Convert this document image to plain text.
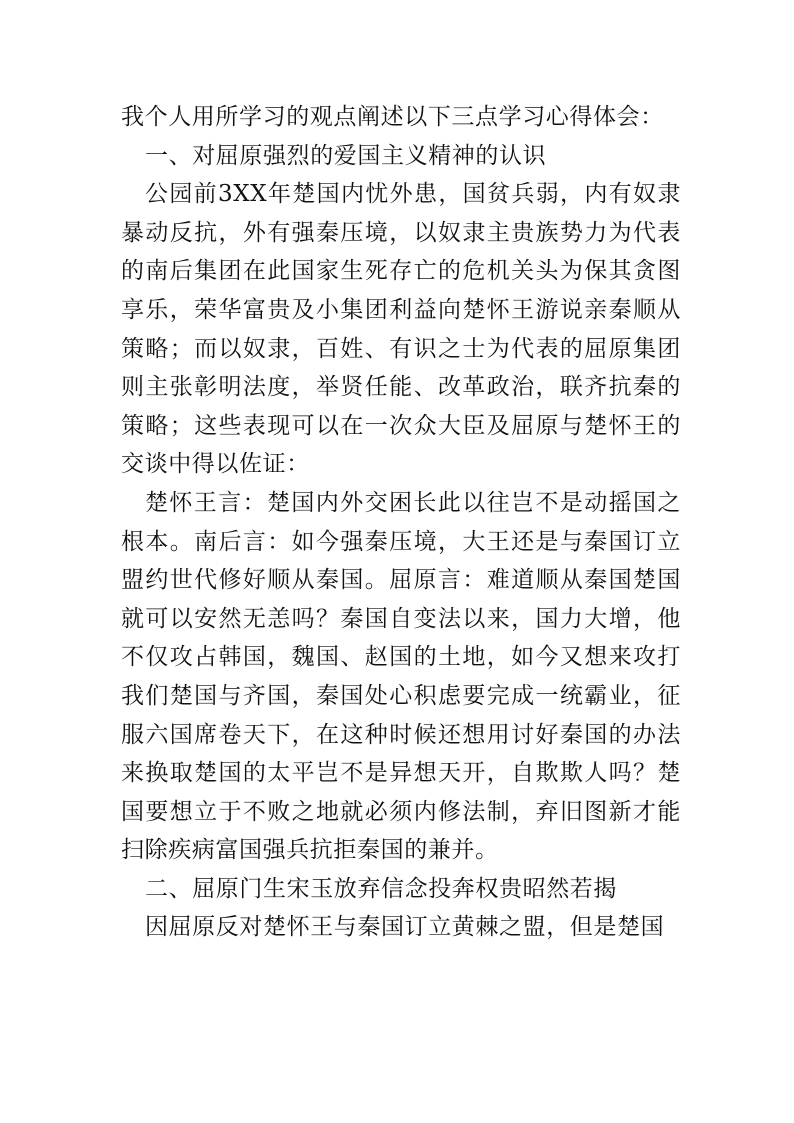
我个人用所学习的观点阐述以下三点学习心得体会：

一、对屈原强烈的爱国主义精神的认识

公园前3XX年楚国内忧外患，国贫兵弱，内有奴隶暴动反抗，外有强秦压境，以奴隶主贵族势力为代表的南后集团在此国家生死存亡的危机关头为保其贪图享乐，荣华富贵及小集团利益向楚怀王游说亲秦顺从策略；而以奴隶，百姓、有识之士为代表的屈原集团则主张彰明法度，举贤任能、改革政治，联齐抗秦的策略；这些表现可以在一次众大臣及屈原与楚怀王的交谈中得以佐证：

楚怀王言：楚国内外交困长此以往岂不是动摇国之根本。南后言：如今强秦压境，大王还是与秦国订立盟约世代修好顺从秦国。屈原言：难道顺从秦国楚国就可以安然无恙吗？秦国自变法以来，国力大增，他不仅攻占韩国，魏国、赵国的土地，如今又想来攻打我们楚国与齐国，秦国处心积虑要完成一统霸业，征服六国席卷天下，在这种时候还想用讨好秦国的办法来换取楚国的太平岂不是异想天开，自欺欺人吗？楚国要想立于不败之地就必须内修法制，弃旧图新才能扫除疾病富国强兵抗拒秦国的兼并。

二、屈原门生宋玉放弃信念投奔权贵昭然若揭

因屈原反对楚怀王与秦国订立黄棘之盟，但是楚国
